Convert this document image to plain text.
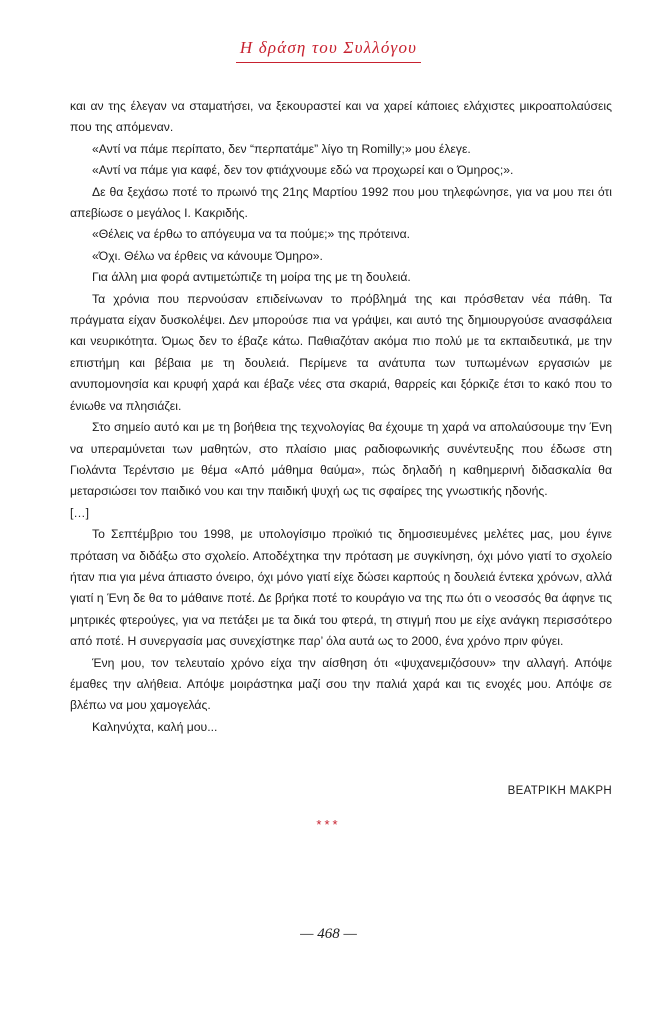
Η δράση του Συλλόγου

και αν της έλεγαν να σταματήσει, να ξεκουραστεί και να χαρεί κάποιες ελάχιστες μικροαπολαύσεις που της απόμεναν.

«Αντί να πάμε περίπατο, δεν “περπατάμε” λίγο τη Romilly;» μου έλεγε.

«Αντί να πάμε για καφέ, δεν τον φτιάχνουμε εδώ να προχωρεί και ο Όμηρος;».

Δε θα ξεχάσω ποτέ το πρωινό της 21ης Μαρτίου 1992 που μου τηλεφώνησε, για να μου πει ότι απεβίωσε ο μεγάλος Ι. Κακριδής.

«Θέλεις να έρθω το απόγευμα να τα πούμε;» της πρότεινα.

«Όχι. Θέλω να έρθεις να κάνουμε Όμηρο».

Για άλλη μια φορά αντιμετώπιζε τη μοίρα της με τη δουλειά.

Τα χρόνια που περνούσαν επιδείνωναν το πρόβλημά της και πρόσθεταν νέα πάθη. Τα πράγματα είχαν δυσκολέψει. Δεν μπορούσε πια να γράψει, και αυτό της δημιουργούσε ανασφάλεια και νευρικότητα. Όμως δεν το έβαζε κάτω. Παθιαζόταν ακόμα πιο πολύ με τα εκπαιδευτικά, με την επιστήμη και βέβαια με τη δουλειά. Περίμενε τα ανάτυπα των τυπωμένων εργασιών με ανυπομονησία και κρυφή χαρά και έβαζε νέες στα σκαριά, θαρρείς και ξόρκιζε έτσι το κακό που το ένιωθε να πλησιάζει.

Στο σημείο αυτό και με τη βοήθεια της τεχνολογίας θα έχουμε τη χαρά να απολαύσουμε την Ένη να υπεραμύνεται των μαθητών, στο πλαίσιο μιας ραδιοφωνικής συνέντευξης που έδωσε στη Γιολάντα Τερέντσιο με θέμα «Από μάθημα θαύμα», πώς δηλαδή η καθημερινή διδασκαλία θα μεταρσιώσει τον παιδικό νου και την παιδική ψυχή ως τις σφαίρες της γνωστικής ηδονής.

[…]

Το Σεπτέμβριο του 1998, με υπολογίσιμο προϊκιό τις δημοσιευμένες μελέτες μας, μου έγινε πρόταση να διδάξω στο σχολείο. Αποδέχτηκα την πρόταση με συγκίνηση, όχι μόνο γιατί το σχολείο ήταν πια για μένα άπιαστο όνειρο, όχι μόνο γιατί είχε δώσει καρπούς η δουλειά έντεκα χρόνων, αλλά γιατί η Ένη δε θα το μάθαινε ποτέ. Δε βρήκα ποτέ το κουράγιο να της πω ότι ο νεοσσός θα άφηνε τις μητρικές φτερούγες, για να πετάξει με τα δικά του φτερά, τη στιγμή που με είχε ανάγκη περισσότερο από ποτέ. Η συνεργασία μας συνεχίστηκε παρ’ όλα αυτά ως το 2000, ένα χρόνο πριν φύγει.

Ένη μου, τον τελευταίο χρόνο είχα την αίσθηση ότι «ψυχανεμιζόσουν» την αλλαγή. Απόψε έμαθες την αλήθεια. Απόψε μοιράστηκα μαζί σου την παλιά χαρά και τις ενοχές μου. Απόψε σε βλέπω να μου χαμογελάς.

Καληνύχτα, καλή μου...

ΒΕΑΤΡΙΚΗ ΜΑΚΡΗ
***
— 468 —
